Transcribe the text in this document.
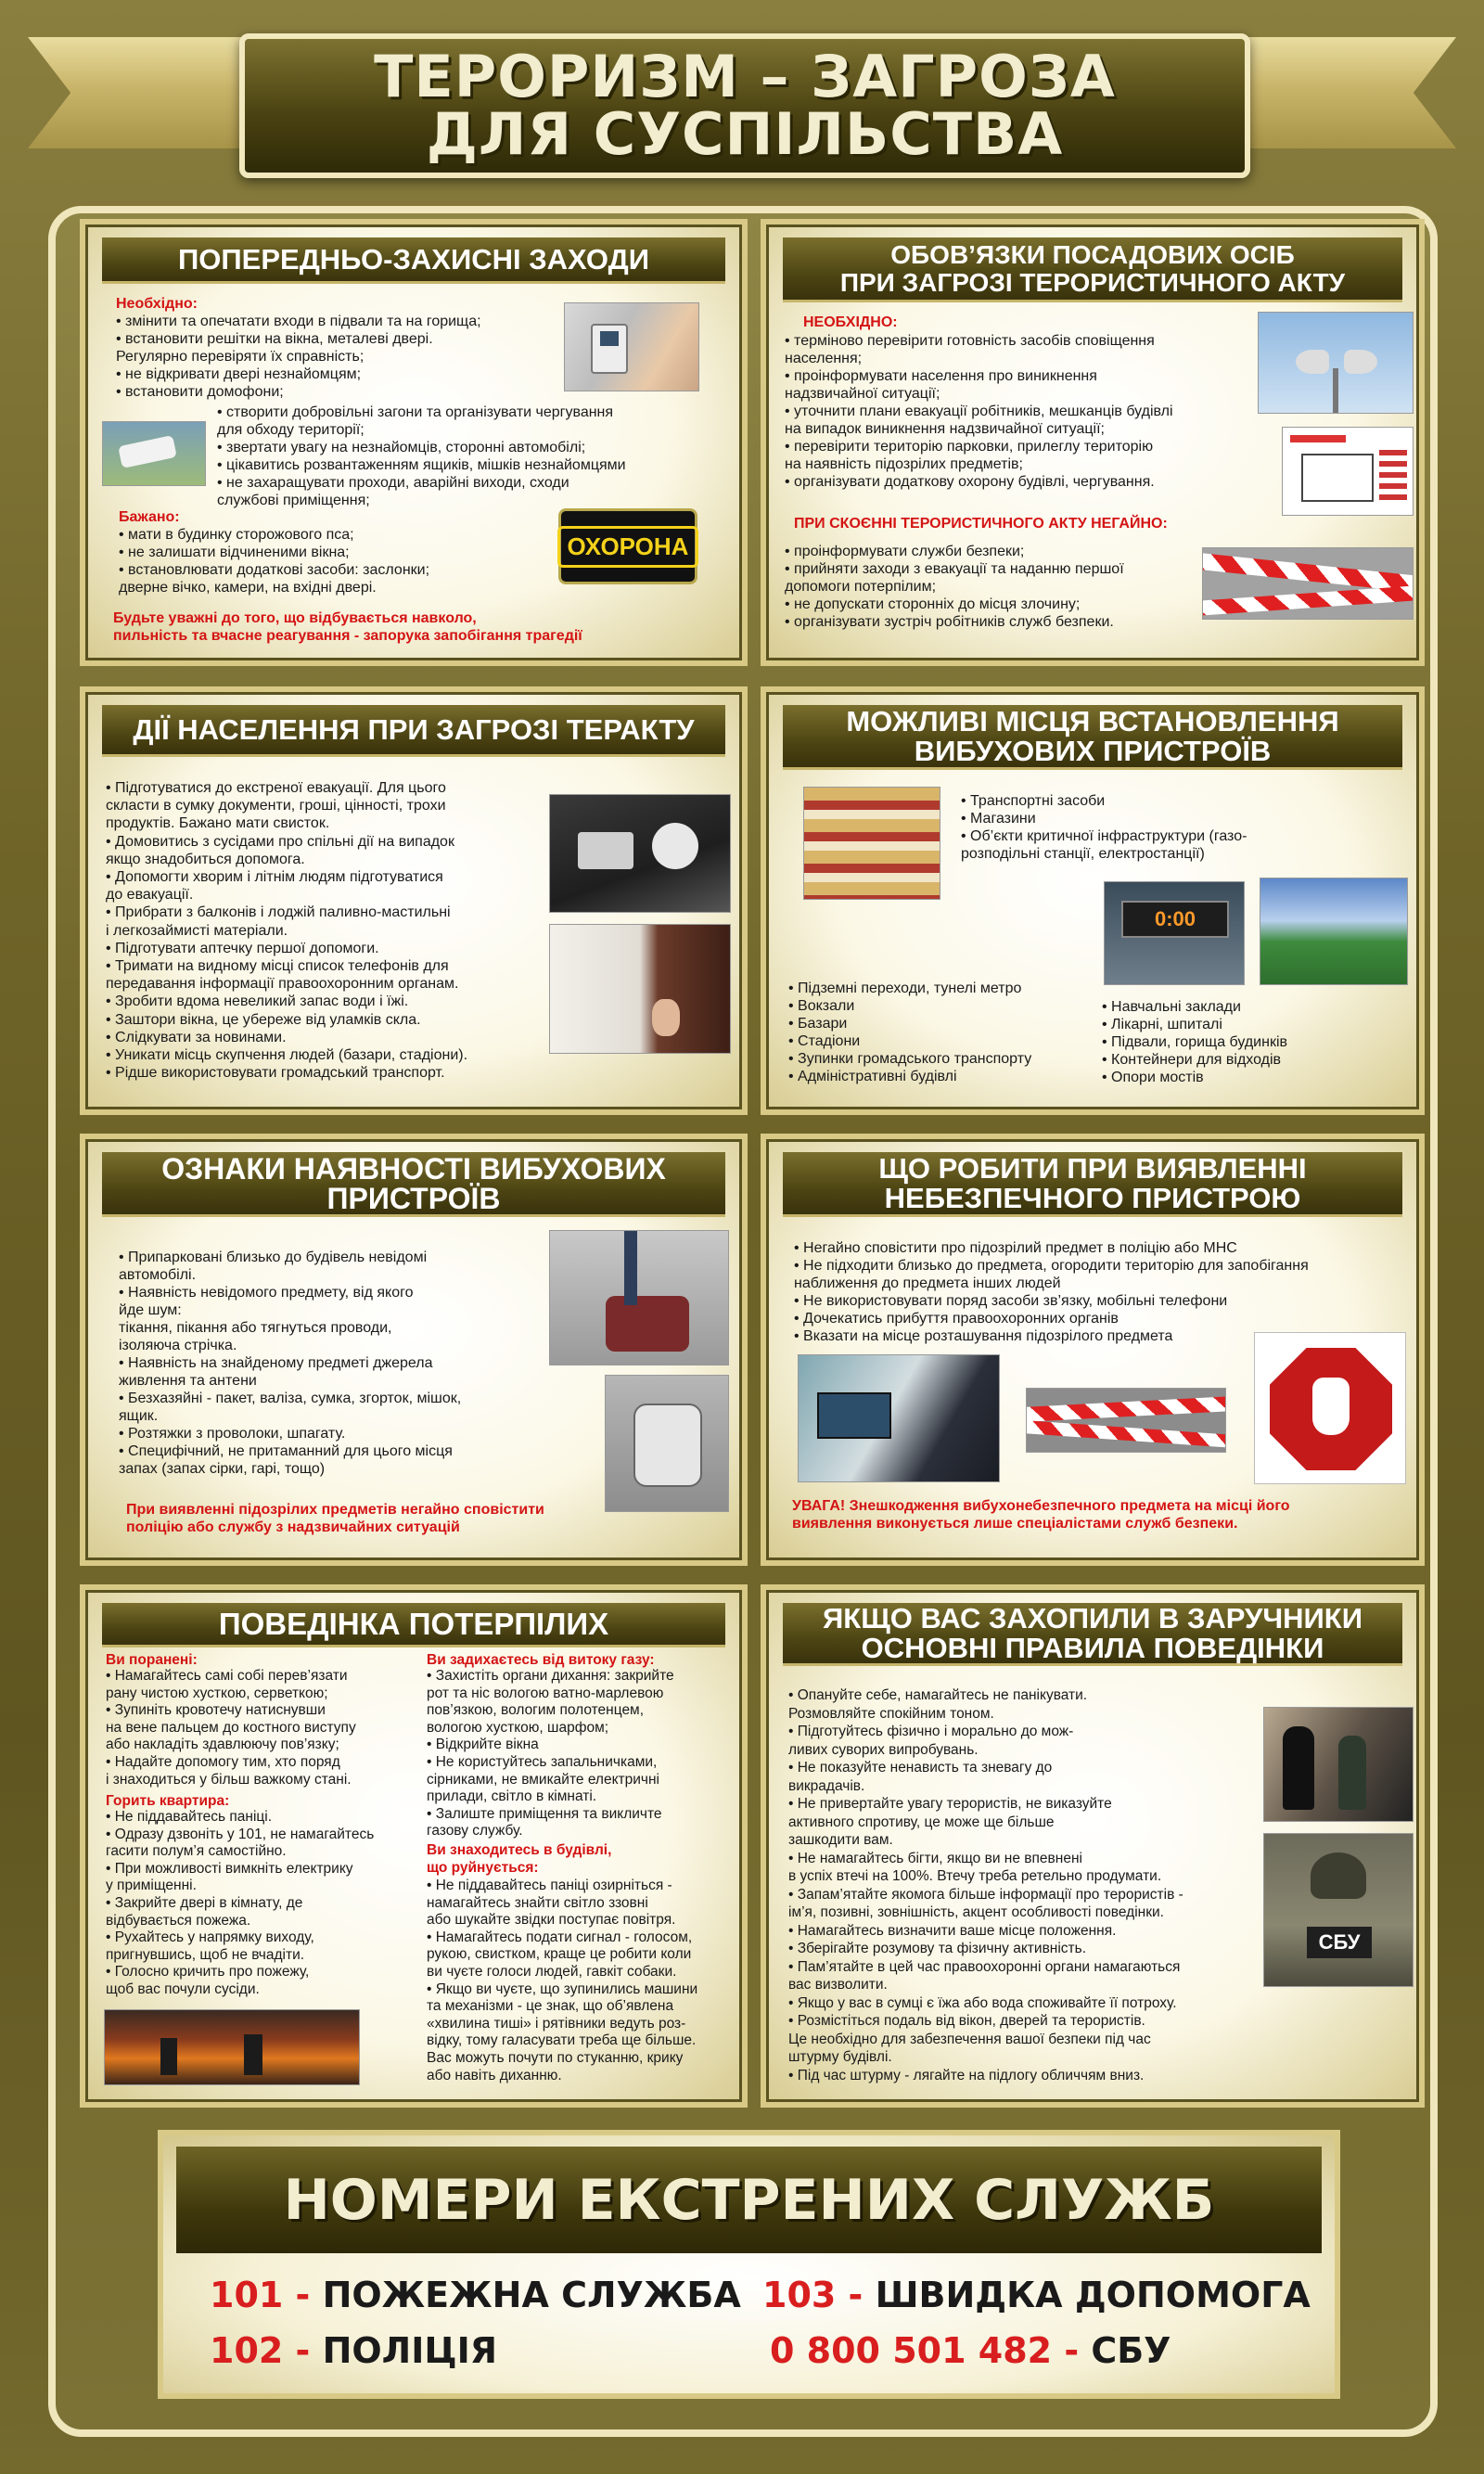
ТЕРОРИЗМ – ЗАГРОЗА
ДЛЯ СУСПІЛЬСТВА
ПОПЕРЕДНЬО-ЗАХИСНІ ЗАХОДИ
Необхідно:
• змінити та опечатати входи в підвали та на горища;
• встановити решітки на вікна, металеві двері.
Регулярно перевіряти їх справність;
• не відкривати двері незнайомцям;
• встановити домофони;
• створити добровільні загони та організувати чергування
для обходу території;
• звертати увагу на незнайомців, сторонні автомобілі;
• цікавитись розвантаженням ящиків, мішків незнайомцями
• не захаращувати проходи, аварійні виходи, сходи
службові приміщення;
Бажано:
• мати в будинку сторожового пса;
• не залишати відчиненими вікна;
• встановлювати додаткові засоби: заслонки;
дверне вічко, камери, на вхідні двері.
Будьте уважні до того, що відбувається навколо,
пильність та вчасне реагування - запорука запобігання трагедії
ОХОРОНА
ОБОВ’ЯЗКИ ПОСАДОВИХ ОСІБ
ПРИ ЗАГРОЗІ ТЕРОРИСТИЧНОГО АКТУ
НЕОБХІДНО:
• терміново перевірити готовність засобів сповіщення
населення;
• проінформувати населення про виникнення
надзвичайної ситуації;
• уточнити плани евакуації робітників, мешканців будівлі
на випадок виникнення надзвичайної ситуації;
• перевірити територію парковки, прилеглу територію
на наявність підозрілих предметів;
• організувати додаткову охорону будівлі, чергування.
ПРИ СКОЄННІ ТЕРОРИСТИЧНОГО АКТУ НЕГАЙНО:
• проінформувати служби безпеки;
• прийняти заходи з евакуації та наданню першої
допомоги потерпілим;
• не допускати сторонніх до місця злочину;
• організувати зустріч робітників служб безпеки.
ДІЇ НАСЕЛЕННЯ ПРИ ЗАГРОЗІ ТЕРАКТУ
• Підготуватися до екстреної евакуації. Для цього
скласти в сумку документи, гроші, цінності, трохи
продуктів. Бажано мати свисток.
• Домовитись з сусідами про спільні дії на випадок
якщо знадобиться допомога.
• Допомогти хворим і літнім людям підготуватися
до евакуації.
• Прибрати з балконів і лоджій паливно-мастильні
і легкозаймисті матеріали.
• Підготувати аптечку першої допомоги.
• Тримати на видному місці список телефонів для
передавання інформації правоохоронним органам.
• Зробити вдома невеликий запас води і їжі.
• Заштори вікна, це убереже від уламків скла.
• Слідкувати за новинами.
• Уникати місць скупчення людей (базари, стадіони).
• Рідше використовувати громадський транспорт.
МОЖЛИВІ МІСЦЯ ВСТАНОВЛЕННЯ
ВИБУХОВИХ ПРИСТРОЇВ
• Транспортні засоби
• Магазини
• Об’єкти критичної інфраструктури (газо-
розподільні станції, електростанції)
0:00
• Підземні переходи, тунелі метро
• Вокзали
• Базари
• Стадіони
• Зупинки громадського транспорту
• Адміністративні будівлі
• Навчальні заклади
• Лікарні, шпиталі
• Підвали, горища будинків
• Контейнери для відходів
• Опори мостів
ОЗНАКИ НАЯВНОСТІ ВИБУХОВИХ
ПРИСТРОЇВ
• Припарковані близько до будівель невідомі
автомобілі.
• Наявність невідомого предмету, від якого
йде шум:
тікання, пікання або тягнуться проводи,
ізоляюча стрічка.
• Наявність на знайденому предметі джерела
живлення та антени
• Безхазяйні - пакет, валіза, сумка, згорток, мішок,
ящик.
• Розтяжки з проволоки, шпагату.
• Специфічний, не притаманний для цього місця
запах (запах сірки, гарі, тощо)
При виявленні підозрілих предметів негайно сповістити
поліцію або службу з надзвичайних ситуацій
ЩО РОБИТИ ПРИ ВИЯВЛЕННІ
НЕБЕЗПЕЧНОГО ПРИСТРОЮ
• Негайно сповістити про підозрілий предмет в поліцію або МНС
• Не підходити близько до предмета, огородити територію для запобігання
наближення до предмета інших людей
• Не використовувати поряд засоби зв’язку, мобільні телефони
• Дочекатись прибуття правоохоронних органів
• Вказати на місце розташування підозрілого предмета
УВАГА! Знешкодження вибухонебезпечного предмета на місці його
виявлення виконується лише спеціалістами служб безпеки.
ПОВЕДІНКА ПОТЕРПІЛИХ
Ви поранені:
• Намагайтесь самі собі перев’язати
рану чистою хусткою, серветкою;
• Зупиніть кровотечу натиснувши
на вене пальцем до костного виступу
або накладіть здавлюючу пов’язку;
• Надайте допомогу тим, хто поряд
і знаходиться у більш важкому стані.
Горить квартира:
• Не піддавайтесь паніці.
• Одразу дзвоніть у 101, не намагайтесь
гасити полум’я самостійно.
• При можливості вимкніть електрику
у приміщенні.
• Закрийте двері в кімнату, де
відбувається пожежа.
• Рухайтесь у напрямку виходу,
пригнувшись, щоб не вчадіти.
• Голосно кричить про пожежу,
щоб вас почули сусіди.
Ви задихаєтесь від витоку газу:
• Захистіть органи дихання: закрийте
рот та ніс вологою ватно-марлевою
пов’язкою, вологим полотенцем,
вологою хусткою, шарфом;
• Відкрийте вікна
• Не користуйтесь запальничками,
сірниками, не вмикайте електричні
прилади, світло в кімнаті.
• Залиште приміщення та викличте
газову службу.
Ви знаходитесь в будівлі,
що руйнується:
• Не піддавайтесь паніці озирніться -
намагайтесь знайти світло ззовні
або шукайте звідки поступає повітря.
• Намагайтесь подати сигнал - голосом,
рукою, свистком, краще це робити коли
ви чуєте голоси людей, гавкіт собаки.
• Якщо ви чуєте, що зупинились машини
та механізми - це знак, що об’явлена
«хвилина тиші» і рятівники ведуть роз-
відку, тому галасувати треба ще більше.
Вас можуть почути по стуканню, крику
або навіть диханню.
ЯКЩО ВАС ЗАХОПИЛИ В ЗАРУЧНИКИ
ОСНОВНІ ПРАВИЛА ПОВЕДІНКИ
• Опануйте себе, намагайтесь не панікувати.
Розмовляйте спокійним тоном.
• Підготуйтесь фізично і морально до мож-
ливих суворих випробувань.
• Не показуйте ненависть та зневагу до
викрадачів.
• Не привертайте увагу терористів, не виказуйте
активного спротиву, це може ще більше
зашкодити вам.
• Не намагайтесь бігти, якщо ви не впевнені
в успіх втечі на 100%. Втечу треба ретельно продумати.
• Запам’ятайте якомога більше інформації про терористів -
ім’я, позивні, зовнішність, акцент особливості поведінки.
• Намагайтесь визначити ваше місце положення.
• Зберігайте розумову та фізичну активність.
• Пам’ятайте в цей час правоохоронні органи намагаються
вас визволити.
• Якщо у вас в сумці є їжа або вода споживайте її потроху.
• Розмістіться подаль від вікон, дверей та терористів.
Це необхідно для забезпечення вашої безпеки під час
штурму будівлі.
• Під час штурму - лягайте на підлогу обличчям вниз.
СБУ
НОМЕРИ ЕКСТРЕНИХ СЛУЖБ
101 - ПОЖЕЖНА СЛУЖБА 103 - ШВИДКА ДОПОМОГА
102 - ПОЛІЦІЯ	0 800 501 482 - СБУ
